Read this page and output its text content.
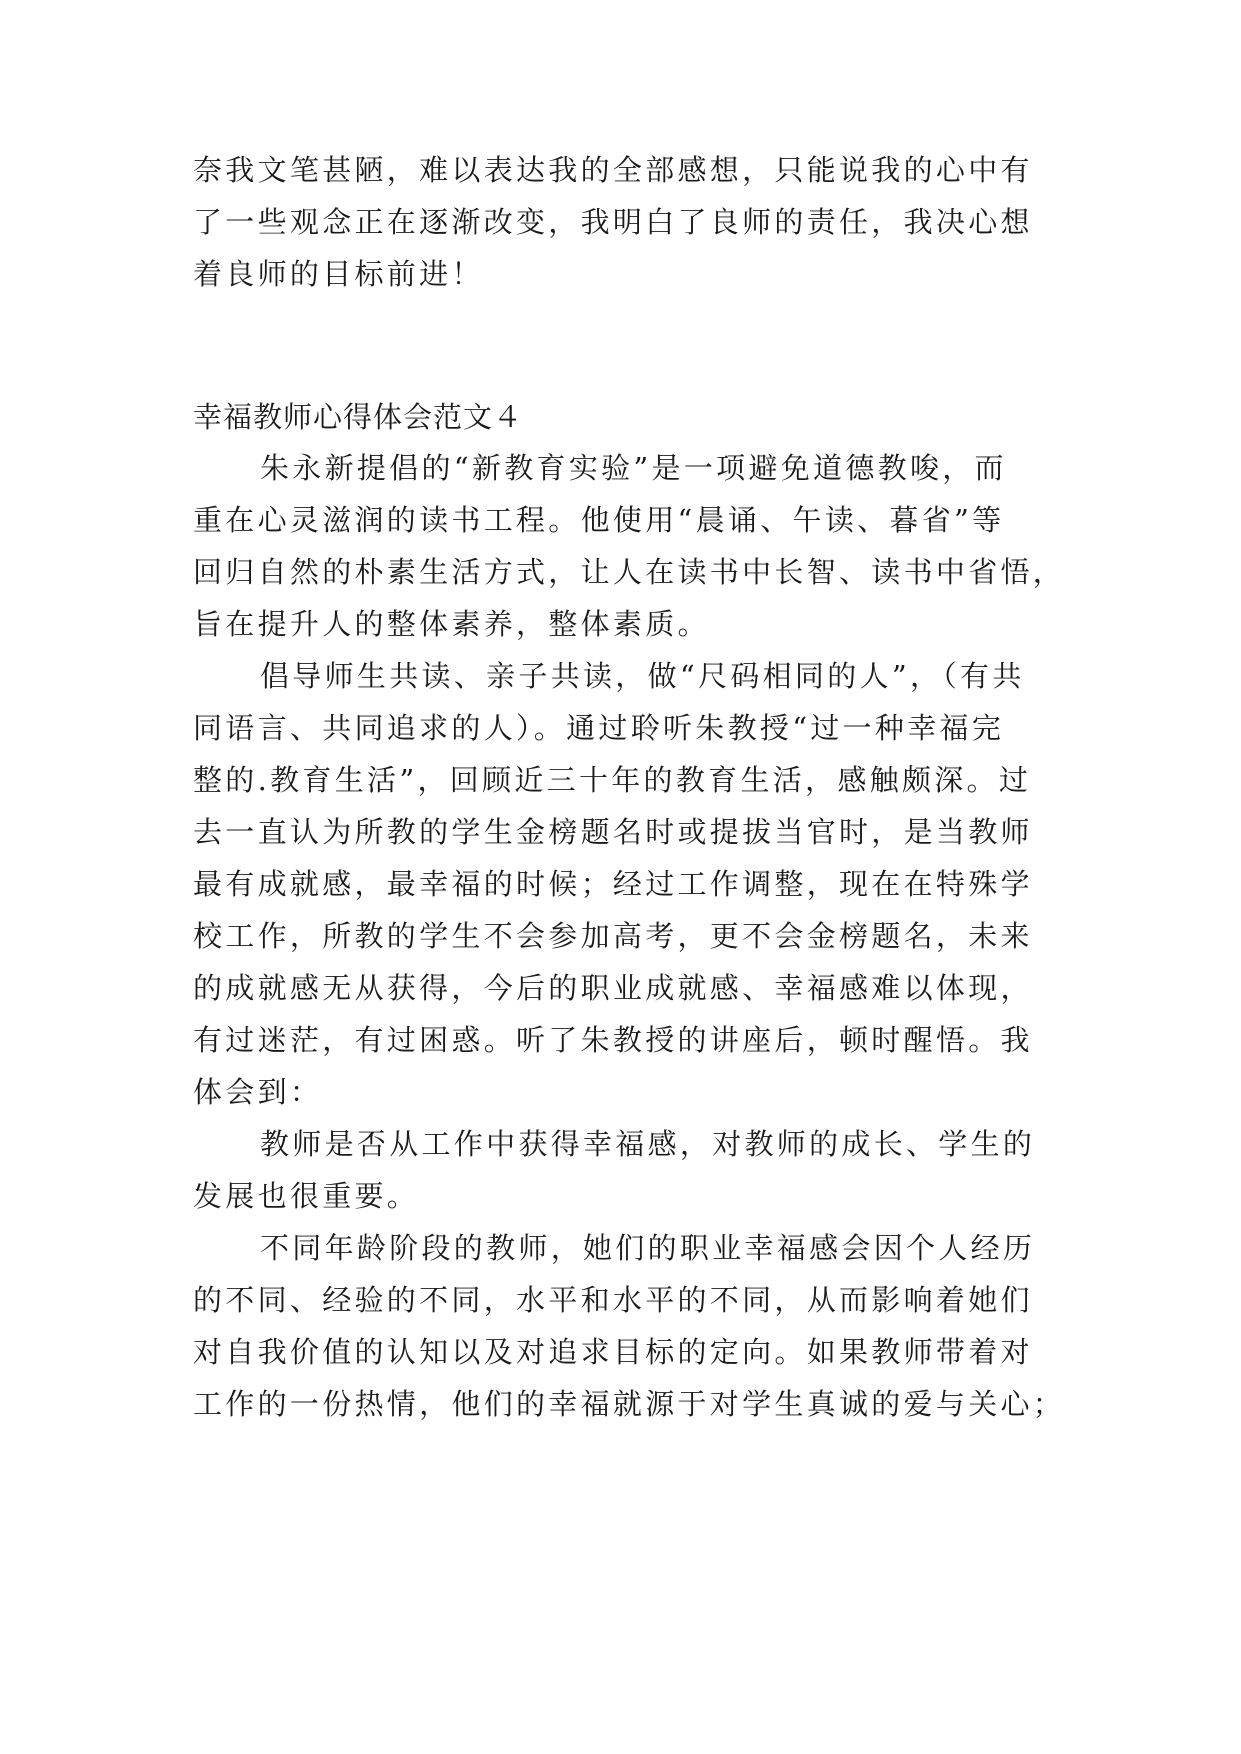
奈我文笔甚陋，难以表达我的全部感想，只能说我的心中有
了一些观念正在逐渐改变，我明白了良师的责任，我决心想
着良师的目标前进！
幸福教师心得体会范文４
朱永新提倡的“新教育实验”是一项避免道德教唆，而
重在心灵滋润的读书工程。他使用“晨诵、午读、暮省”等
回归自然的朴素生活方式，让人在读书中长智、读书中省悟，
旨在提升人的整体素养，整体素质。
倡导师生共读、亲子共读，做“尺码相同的人”，（有共
同语言、共同追求的人）。通过聆听朱教授“过一种幸福完
整的.教育生活”，回顾近三十年的教育生活，感触颇深。过
去一直认为所教的学生金榜题名时或提拔当官时，是当教师
最有成就感，最幸福的时候；经过工作调整，现在在特殊学
校工作，所教的学生不会参加高考，更不会金榜题名，未来
的成就感无从获得，今后的职业成就感、幸福感难以体现，
有过迷茫，有过困惑。听了朱教授的讲座后，顿时醒悟。我
体会到：
教师是否从工作中获得幸福感，对教师的成长、学生的
发展也很重要。
不同年龄阶段的教师，她们的职业幸福感会因个人经历
的不同、经验的不同，水平和水平的不同，从而影响着她们
对自我价值的认知以及对追求目标的定向。如果教师带着对
工作的一份热情，他们的幸福就源于对学生真诚的爱与关心；
